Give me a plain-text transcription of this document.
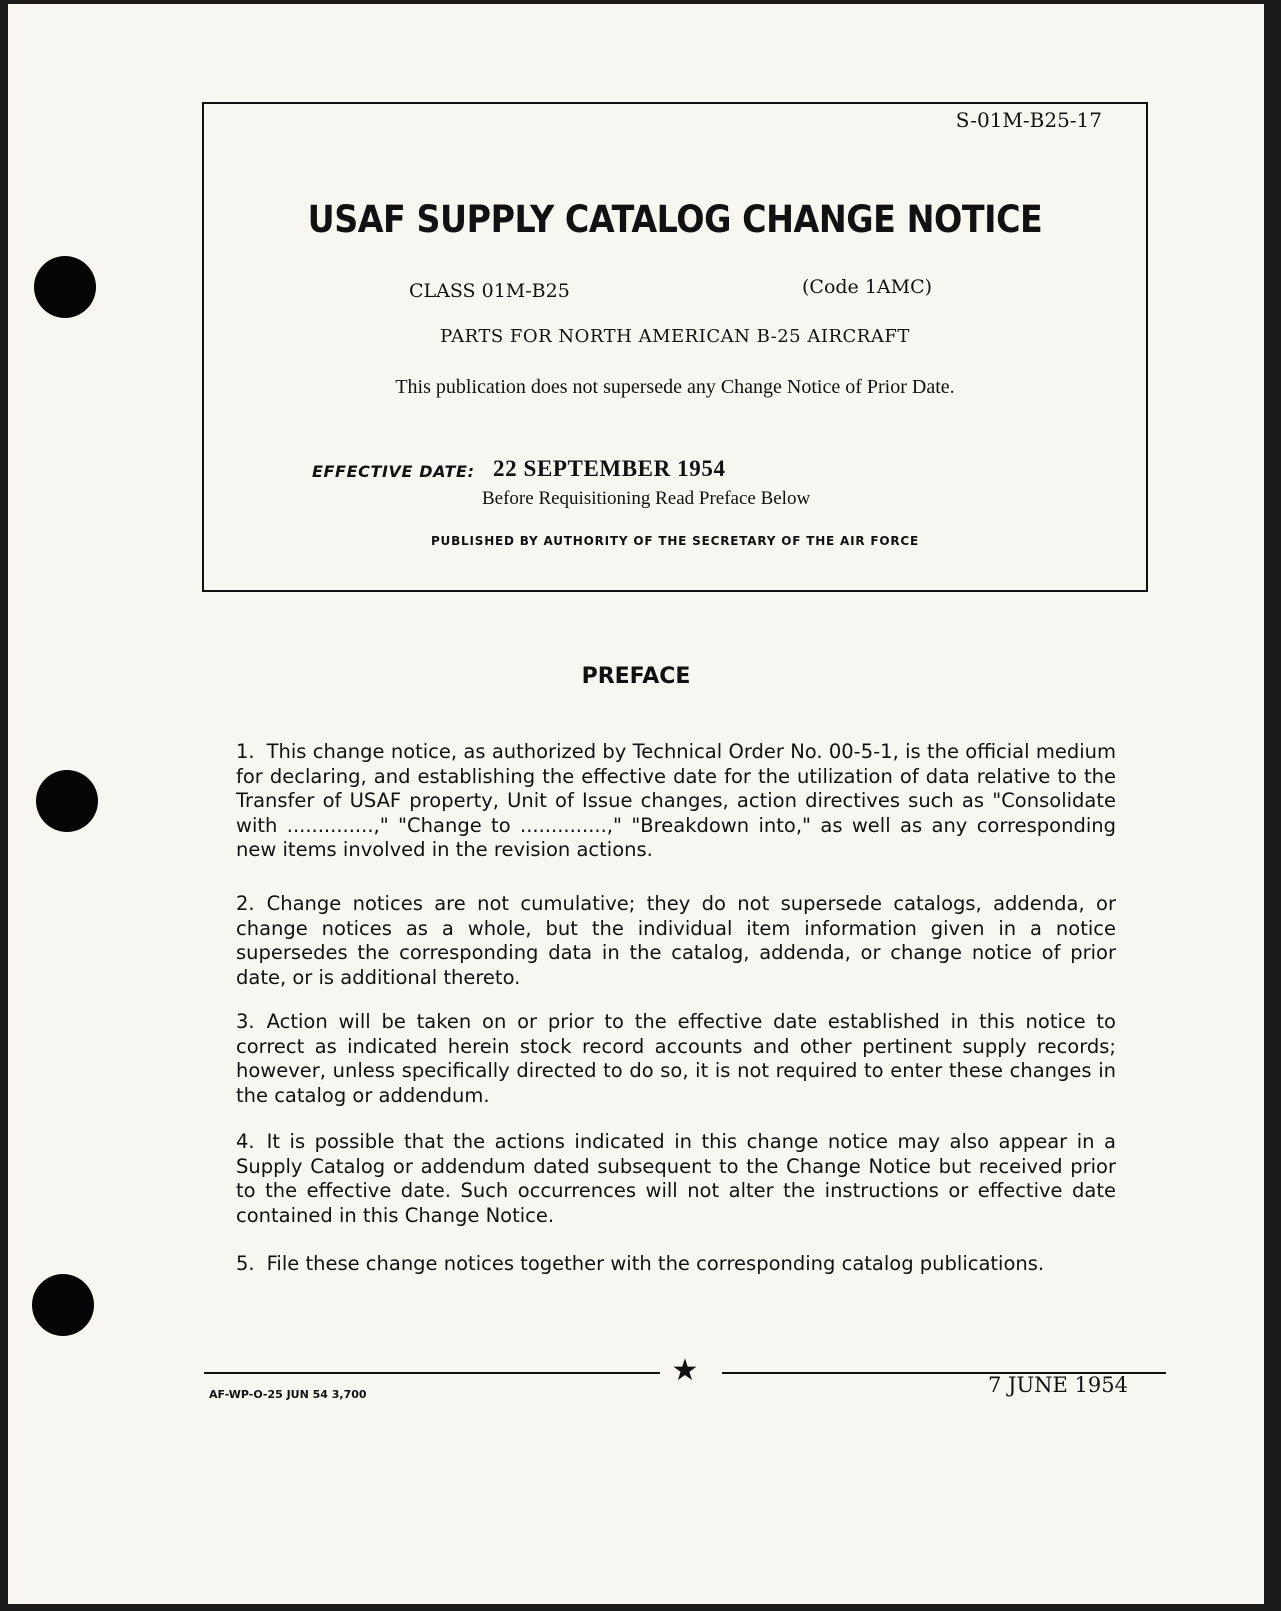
S-01M-B25-17
USAF SUPPLY CATALOG CHANGE NOTICE
CLASS 01M-B25	(Code 1AMC)
PARTS FOR NORTH AMERICAN B-25 AIRCRAFT
This publication does not supersede any Change Notice of Prior Date.
EFFECTIVE DATE: 22 SEPTEMBER 1954
Before Requisitioning Read Preface Below
PUBLISHED BY AUTHORITY OF THE SECRETARY OF THE AIR FORCE
PREFACE
1. This change notice, as authorized by Technical Order No. 00-5-1, is the official medium for declaring, and establishing the effective date for the utilization of data relative to the Transfer of USAF property, Unit of Issue changes, action directives such as "Consolidate with ..............," "Change to ..............," "Breakdown into," as well as any corresponding new items involved in the revision actions.
2. Change notices are not cumulative; they do not supersede catalogs, addenda, or change notices as a whole, but the individual item information given in a notice supersedes the corresponding data in the catalog, addenda, or change notice of prior date, or is additional thereto.
3. Action will be taken on or prior to the effective date established in this notice to correct as indicated herein stock record accounts and other pertinent supply records; however, unless specifically directed to do so, it is not required to enter these changes in the catalog or addendum.
4. It is possible that the actions indicated in this change notice may also appear in a Supply Catalog or addendum dated subsequent to the Change Notice but received prior to the effective date. Such occurrences will not alter the instructions or effective date contained in this Change Notice.
5. File these change notices together with the corresponding catalog publications.
★
AF-WP-O-25 JUN 54 3,700	7 JUNE 1954
